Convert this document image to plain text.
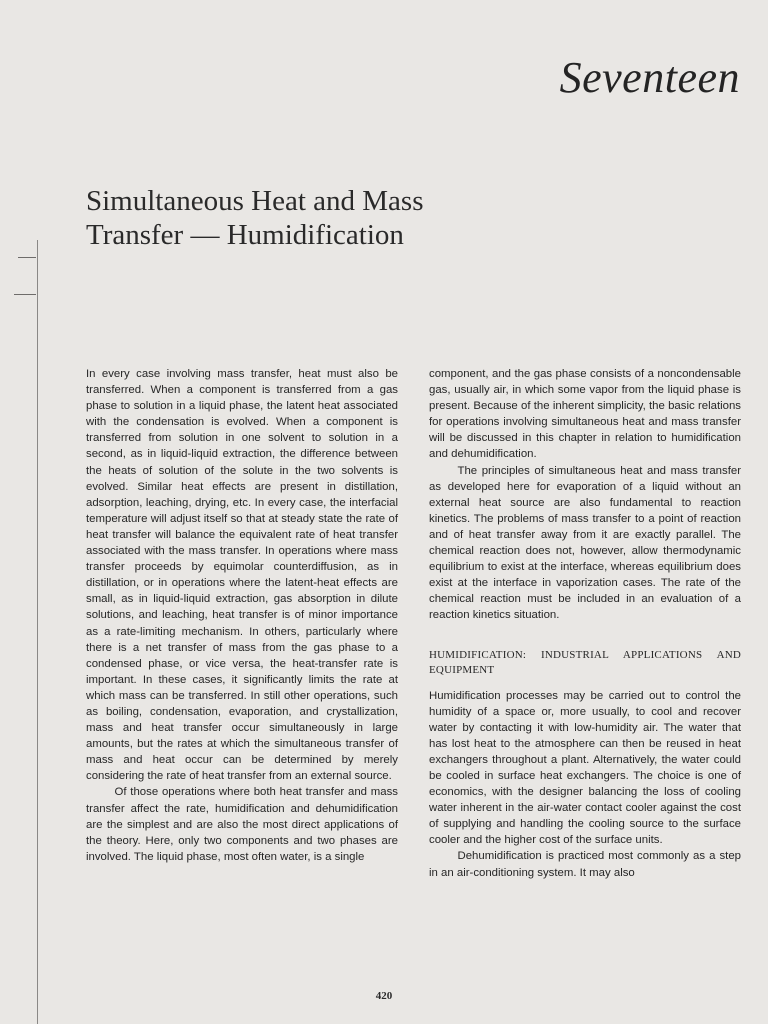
Seventeen
Simultaneous Heat and Mass
Transfer — Humidification

In every case involving mass transfer, heat must also be transferred. When a component is transferred from a gas phase to solution in a liquid phase, the latent heat associated with the condensation is evolved. When a component is transferred from solution in one solvent to solution in a second, as in liquid-liquid extraction, the difference between the heats of solution of the solute in the two solvents is evolved. Similar heat effects are present in distillation, adsorption, leaching, drying, etc. In every case, the interfacial temperature will adjust itself so that at steady state the rate of heat transfer will balance the equivalent rate of heat transfer associated with the mass transfer. In operations where mass transfer proceeds by equimolar counterdiffusion, as in distillation, or in operations where the latent-heat effects are small, as in liquid-liquid extraction, gas absorption in dilute solutions, and leaching, heat transfer is of minor importance as a rate-limiting mechanism. In others, particularly where there is a net transfer of mass from the gas phase to a condensed phase, or vice versa, the heat-transfer rate is important. In these cases, it significantly limits the rate at which mass can be transferred. In still other operations, such as boiling, condensation, evaporation, and crystallization, mass and heat transfer occur simultaneously in large amounts, but the rates at which the simultaneous transfer of mass and heat occur can be determined by merely considering the rate of heat transfer from an external source.

Of those operations where both heat transfer and mass transfer affect the rate, humidification and dehumidification are the simplest and are also the most direct applications of the theory. Here, only two components and two phases are involved. The liquid phase, most often water, is a single

component, and the gas phase consists of a noncondensable gas, usually air, in which some vapor from the liquid phase is present. Because of the inherent simplicity, the basic relations for operations involving simultaneous heat and mass transfer will be discussed in this chapter in relation to humidification and dehumidification.

The principles of simultaneous heat and mass transfer as developed here for evaporation of a liquid without an external heat source are also fundamental to reaction kinetics. The problems of mass transfer to a point of reaction and of heat transfer away from it are exactly parallel. The chemical reaction does not, however, allow thermodynamic equilibrium to exist at the interface, whereas equilibrium does exist at the interface in vaporization cases. The rate of the chemical reaction must be included in an evaluation of a reaction kinetics situation.

HUMIDIFICATION: INDUSTRIAL APPLICATIONS AND EQUIPMENT

Humidification processes may be carried out to control the humidity of a space or, more usually, to cool and recover water by contacting it with low-humidity air. The water that has lost heat to the atmosphere can then be reused in heat exchangers throughout a plant. Alternatively, the water could be cooled in surface heat exchangers. The choice is one of economics, with the designer balancing the loss of cooling water inherent in the air-water contact cooler against the cost of supplying and handling the cooling source to the surface cooler and the higher cost of the surface units.

Dehumidification is practiced most commonly as a step in an air-conditioning system. It may also

420
